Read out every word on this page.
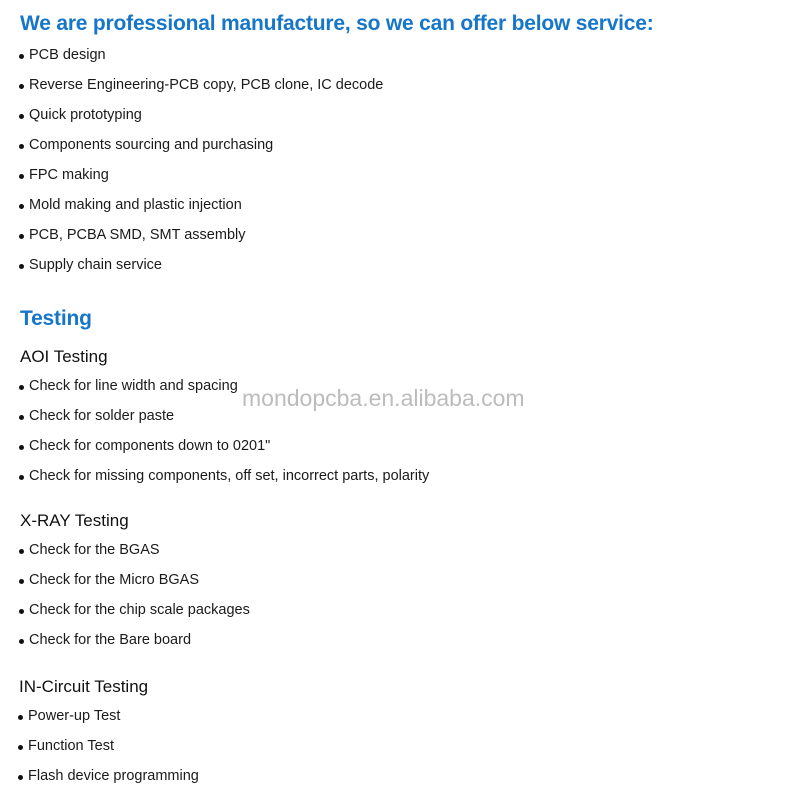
We are professional manufacture, so we can offer below service:
PCB design
Reverse Engineering-PCB copy, PCB clone, IC decode
Quick prototyping
Components sourcing and purchasing
FPC making
Mold making and plastic injection
PCB, PCBA SMD, SMT assembly
Supply chain service
Testing
AOI Testing
Check for line width and spacing
Check for solder paste
Check for components down to 0201"
Check for missing components, off set, incorrect parts, polarity
X-RAY Testing
Check for the BGAS
Check for the Micro BGAS
Check for the chip scale packages
Check for the Bare board
IN-Circuit Testing
Power-up Test
Function Test
Flash device programming
mondopcba.en.alibaba.com
